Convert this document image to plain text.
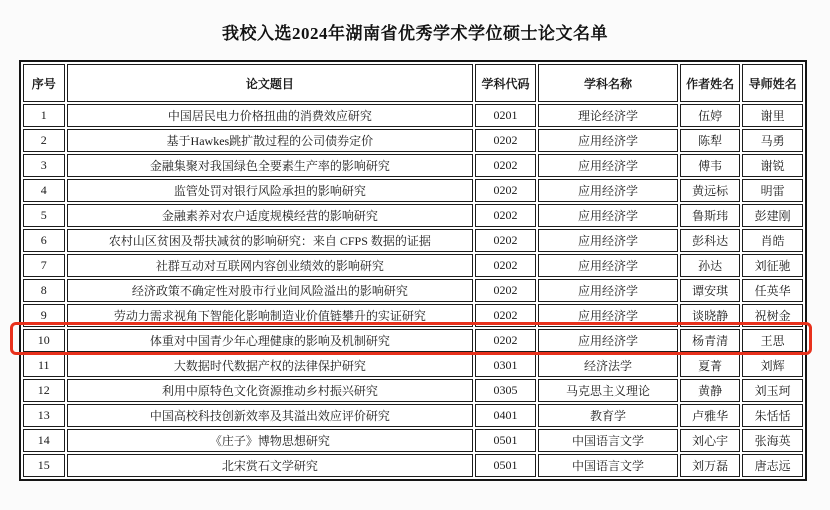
我校入选2024年湖南省优秀学术学位硕士论文名单
序号	论文题目	学科代码	学科名称	作者姓名	导师姓名
1	中国居民电力价格扭曲的消费效应研究	0201	理论经济学	伍婷	谢里
2	基于Hawkes跳扩散过程的公司债券定价	0202	应用经济学	陈犁	马勇
3	金融集聚对我国绿色全要素生产率的影响研究	0202	应用经济学	傅韦	谢锐
4	监管处罚对银行风险承担的影响研究	0202	应用经济学	黄远标	明雷
5	金融素养对农户适度规模经营的影响研究	0202	应用经济学	鲁斯玮	彭建刚
6	农村山区贫困及帮扶减贫的影响研究：来自 CFPS 数据的证据	0202	应用经济学	彭科达	肖皓
7	社群互动对互联网内容创业绩效的影响研究	0202	应用经济学	孙达	刘征驰
8	经济政策不确定性对股市行业间风险溢出的影响研究	0202	应用经济学	谭安琪	任英华
9	劳动力需求视角下智能化影响制造业价值链攀升的实证研究	0202	应用经济学	谈晓静	祝树金
10	体重对中国青少年心理健康的影响及机制研究	0202	应用经济学	杨青清	王思
11	大数据时代数据产权的法律保护研究	0301	经济法学	夏菁	刘辉
12	利用中原特色文化资源推动乡村振兴研究	0305	马克思主义理论	黄静	刘玉珂
13	中国高校科技创新效率及其溢出效应评价研究	0401	教育学	卢雅华	朱恬恬
14	《庄子》博物思想研究	0501	中国语言文学	刘心宇	张海英
15	北宋赏石文学研究	0501	中国语言文学	刘万磊	唐志远
